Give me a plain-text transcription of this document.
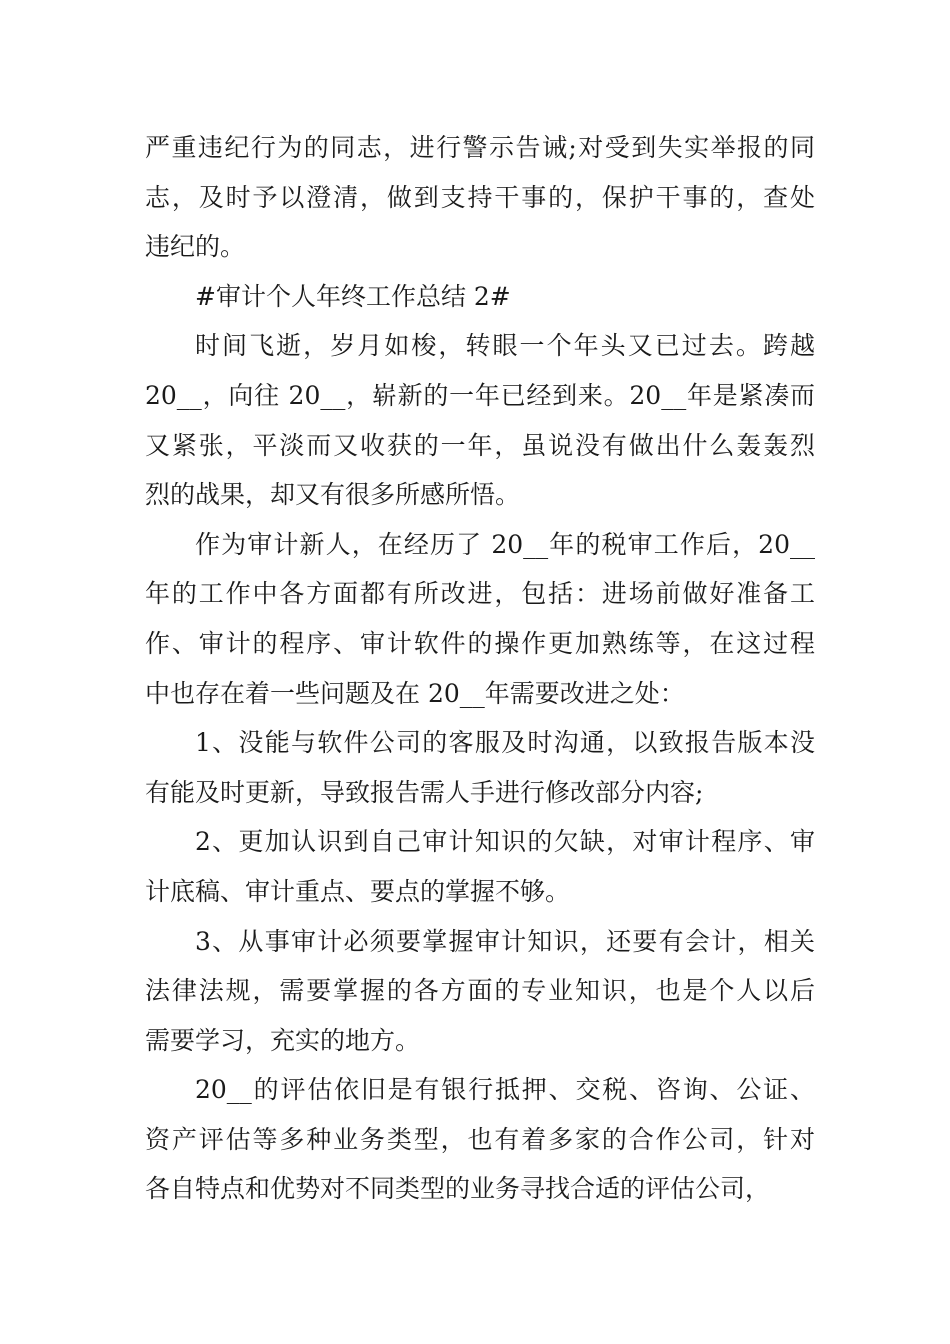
严重违纪行为的同志，进行警示告诫;对受到失实举报的同
志，及时予以澄清，做到支持干事的，保护干事的，查处
违纪的。
#审计个人年终工作总结 2#
时间飞逝，岁月如梭，转眼一个年头又已过去。跨越
20__，向往 20__，崭新的一年已经到来。20__年是紧凑而
又紧张，平淡而又收获的一年，虽说没有做出什么轰轰烈
烈的战果，却又有很多所感所悟。
作为审计新人，在经历了 20__年的税审工作后，20__
年的工作中各方面都有所改进，包括：进场前做好准备工
作、审计的程序、审计软件的操作更加熟练等，在这过程
中也存在着一些问题及在 20__年需要改进之处：
1、没能与软件公司的客服及时沟通，以致报告版本没
有能及时更新，导致报告需人手进行修改部分内容;
2、更加认识到自己审计知识的欠缺，对审计程序、审
计底稿、审计重点、要点的掌握不够。
3、从事审计必须要掌握审计知识，还要有会计，相关
法律法规，需要掌握的各方面的专业知识，也是个人以后
需要学习，充实的地方。
20__的评估依旧是有银行抵押、交税、咨询、公证、
资产评估等多种业务类型，也有着多家的合作公司，针对
各自特点和优势对不同类型的业务寻找合适的评估公司，
